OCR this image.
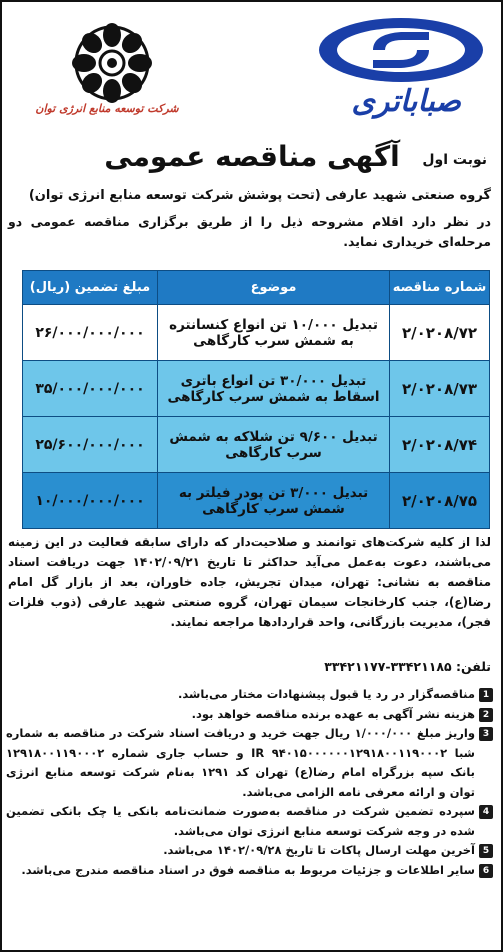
صباباتری
شرکت توسعه منابع انرژی توان
آگهی مناقصه عمومی نوبت اول
گروه صنعتی شهید عارفی (تحت پوشش شرکت توسعه منابع انرژی توان)
در نظر دارد اقلام مشروحه ذیل را از طریق برگزاری مناقصه عمومی دو مرحله‌ای خریداری نماید.
شماره مناقصه	موضوع	مبلغ تضمین (ریال)
۲/۰۲۰۸/۷۲	تبدیل ۱۰/۰۰۰ تن انواع کنسانتره به شمش سرب کارگاهی	۲۶/۰۰۰/۰۰۰/۰۰۰
۲/۰۲۰۸/۷۳	تبدیل ۳۰/۰۰۰ تن انواع باتری اسقاط به شمش سرب کارگاهی	۳۵/۰۰۰/۰۰۰/۰۰۰
۲/۰۲۰۸/۷۴	تبدیل ۹/۶۰۰ تن شلاکه به شمش سرب کارگاهی	۲۵/۶۰۰/۰۰۰/۰۰۰
۲/۰۲۰۸/۷۵	تبدیل ۳/۰۰۰ تن پودر فیلتر به شمش سرب کارگاهی	۱۰/۰۰۰/۰۰۰/۰۰۰
لذا از کلیه شرکت‌های توانمند و صلاحیت‌دار که دارای سابقه فعالیت در این زمینه می‌باشند، دعوت به‌عمل می‌آید حداکثر تا تاریخ ۱۴۰۲/۰۹/۲۱ جهت دریافت اسناد مناقصه به نشانی: تهران، میدان تجریش، جاده خاوران، بعد از بازار گل امام رضا(ع)، جنب کارخانجات سیمان تهران، گروه صنعتی شهید عارفی (ذوب فلزات فجر)، مدیریت بازرگانی، واحد قراردادها مراجعه نمایند.
تلفن: ۳۳۴۲۱۱۸۵-۳۳۴۲۱۱۷۷
1
مناقصه‌گزار در رد یا قبول پیشنهادات مختار می‌باشد.
2
هزینه نشر آگهی به عهده برنده مناقصه خواهد بود.
3
واریز مبلغ ۱/۰۰۰/۰۰۰ ریال جهت خرید و دریافت اسناد شرکت در مناقصه به شماره شبا IR ۹۴۰۱۵۰۰۰۰۰۰۱۲۹۱۸۰۰۱۱۹۰۰۰۲ و حساب جاری شماره ۱۲۹۱۸۰۰۱۱۹۰۰۰۲ بانک سپه بزرگراه امام رضا(ع) تهران کد ۱۲۹۱ به‌نام شرکت توسعه منابع انرژی توان و ارائه معرفی نامه الزامی می‌باشد.
4
سپرده تضمین شرکت در مناقصه به‌صورت ضمانت‌نامه بانکی یا چک بانکی تضمین شده در وجه شرکت توسعه منابع انرژی توان می‌باشد.
5
آخرین مهلت ارسال پاکات تا تاریخ ۱۴۰۲/۰۹/۲۸ می‌باشد.
6
سایر اطلاعات و جزئیات مربوط به مناقصه فوق در اسناد مناقصه مندرج می‌باشد.
